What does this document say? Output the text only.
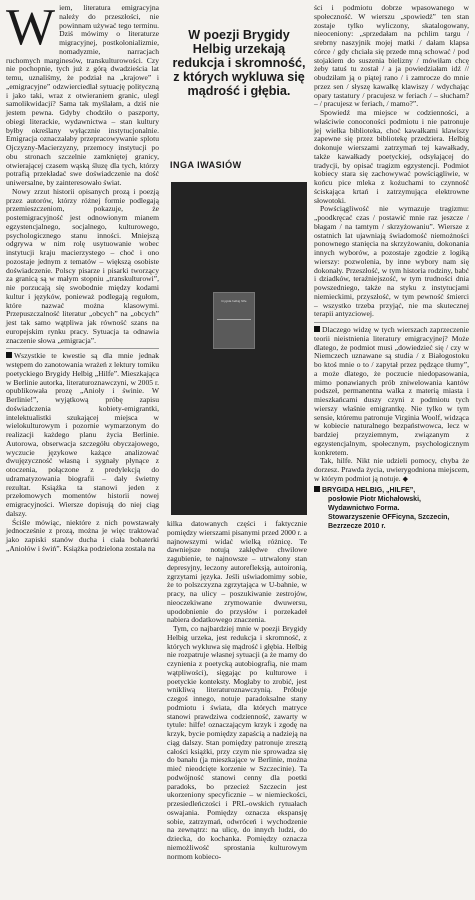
W iem, literatura emigracyjna należy do przeszłości, nie powinnam używać tego terminu. Dziś mówimy o literaturze migracyjnej, postkolonializmie, nomadyzmie, narracjach ruchomych marginesów, transkulturowości. Czy nie pochopnie, tych już z górą dwadzieścia lat temu, uznaliśmy, że podział na „krajowe” i „emigracyjne” odzwierciedlał sytuację polityczną i jako taki, wraz z otwieraniem granic, ulegl samolikwidacji? Sama tak myślałam, a dziś nie jestem pewna. Gdyby chodziło o paszporty, obiegi literackie, wydawnictwa – stan kultury byłby określany wyłącznie instytucjonalnie. Emigracja oznaczałaby przepracowywanie splotu Ojczyzny-Macierzyzny, przemocy instytucji po obu stronach szczelnie zamkniętej granicy, otwierającej czasem wąską śluzę dla tych, którzy potrafią przekładać swe doświadczenie na dość uniwersalne, by zainteresowało świat.

Nowy zrzut historii opisanych prozą i poezją przez autorów, którzy różnej formie podlegają przemieszczeniom, pokazuje, że postemigracyjność jest odnowionym mianem egzystencjalnego, socjalnego, kulturowego, psychologicznego stanu inności. Mniejszą odgrywa w nim rolę usytuowanie wobec instytucji kraju macierzystego – choć i ono pozostaje jednym z tematów – większą osobiste doświadczenie. Polscy pisarze i pisarki tworzący za granicą są w małym stopniu „transkulturowi”, nie porzucają się swobodnie między kodami kultur i języków, ponieważ podlegają regułom, które nazwać można klasowymi. Przepuszczalność literatur „obcych” na „obcych” jest tak samo wątpliwa jak równość szans na europejskim rynku pracy. Sytuacja ta odnawia znaczenie słowa „emigracja”.

Wszystkie te kwestie są dla mnie jednak wstępem do zanotowania wrażeń z lektury tomiku poetyckiego Brygidy Helbig „Hilfe”. Mieszkająca w Berlinie autorka, literaturoznawczyni, w 2005 r. opublikowała prozę „Anioły i świnie. W Berlinie!”, wyjątkową próbę zapisu doświadczenia kobiety-emigrantki, intelektualistki szukającej miejsca w wielokulturowym i pozornie wymarzonym do realizacji każdego planu życia Berlinie. Autorowa, obserwacja szczegółu obyczajowego, wyczucie językowe każące analizować dwujęzyczność własną i sygnały płynące z otoczenia, połączone z predylekcją do udramatyzowania biografii – dały świetny rezultat. Książka ta stanowi jeden z przełomowych momentów historii nowej emigracyjności. Wiersze dopisują do niej ciąg dalszy.

Ściśle mówiąc, niektóre z nich powstawały jednocześnie z prozą, można je więc traktować jako zapiski stanów ducha i ciała bohaterki „Aniołów i świń”. Książka podzielona została na

W poezji Brygidy Helbig urzekają redukcja i skromność, z których wykluwa się mądrość i głębia.
INGA IWASIÓW
brygida helbig hilfe

kilka datowanych części i faktycznie pomiędzy wierszami pisanymi przed 2000 r. a najnowszymi widać wielką różnicę. Te dawniejsze notują zakłędwe chwilowe zagubienie, te najnowsze – utrwalony stan depresyjny, leczony autorefleksją, autoironią, zgrzytami języka. Jeśli uświadomimy sobie, że to polszczyzna zgrzytająca w U-bahnie, w pracy, na ulicy – poszukiwanie zestrojów, nieoczekiwane zrymowanie dwuwersu, upodobnienie do przysłów i porzekadeł nabiera dodatkowego znaczenia.

Tym, co najbardziej mnie w poezji Brygidy Helbig urzeka, jest redukcja i skromność, z których wykluwa się mądrość i głębia. Helbig nie rozpatruje własnej sytuacji (a że mamy do czynienia z poetycką autobiografią, nie mam wątpliwości), sięgając po kulturowe i poetyckie konteksty. Mogłaby to zrobić, jest wnikliwą literaturoznawczynią. Próbuje czegoś innego, notuje paradoksalne stany podmiotu i świata, dla których matryce stanowi prawdziwa codzienność, zawarty w tytule: hilfe! oznaczającym krzyk i zgodę na krzyk, bycie pomiędzy zapaścią a nadzieją na ciąg dalszy. Stan pomiędzy patronuje zresztą całości książki, przy czym nie sprowadza się do banału (ja mieszkające w Berlinie, można mieć nieodcięte korzenie w Szczecinie). Ta podwójność stanowi cenny dla poetki paradoks, bo przecież Szczecin jest ukorzeniony specyficznie – w niemieckości, przesiedleńczości i PRL-owskich rytuałach oswajania. Pomiędzy oznacza ekspansję sobie, zatrzymań, odwróceń i wychodzenie na zewnątrz: na ulicę, do innych ludzi, do dziecka, do kochanka. Pomiędzy oznacza niemożliwość sprostania kulturowym normom kobieco-

ści i podmiotu dobrze wpasowanego w społeczność. W wierszu „spowiedź” ten stan zostaje tylko wyliczony, skatalogowany, nieoceniony: „sprzedałam na pchlim targu / srebrny naszyjnik mojej matki / dałam klapsa córce / gdy chciała się przede mną schować / pod stojakiem do suszenia bielizny / mówiłam chcę żeby tatuś tu został / a ja powiedziałam idź // obudziłam ją o piątej rano / i zamrocze do mnie przez sen / słyszę kawałkę klawiszy / wdychając opary tastatury / pracujesz w feriach / – słucham? – / pracujesz w feriach, / mamo?”.

Spowiedź ma miejsce w codzienności, a właściwie conoconości podmiotu i nie patronuje jej wielka biblioteka, choć kawałkami klawiszy zapewne się przez bibliotekę przedziera. Helbig dokonuje wierszami zatrzymań tej kawałkady, także kawałkady poetyckiej, odsyłającej do tradycji, by opisać tragizm egzystencji. Podmiot kobiecy stara się zachowywać powściągliwie, w końcu pice mleka z kożuchami to czynność ściskająca krtań i zatrzymująca elektrowne słowotoki.

Powściągliwość nie wymazuje tragizmu: „poodkręcać czas / postawić mnie raz jeszcze / błagam / na tamtym / skrzyżowaniu”. Wiersze z ostatnich lat ujawniają świadomość niemożności ponownego stanięcia na skrzyżowaniu, dokonania innych wyborów, a pozostaje zgodzie z logiką wierszy: pozwolenia, by inne wybory nam się dokonały. Przeszłość, w tym historia rodziny, babć i dziadków, teraźniejszość, w tym trudności dnia powszedniego, także na styku z instytucjami niemieckimi, przyszłość, w tym pewność śmierci – wszystko trzeba przyjąć, nie ma skutecznej terapii antyzciowej.

Dlaczego widzę w tych wierszach zaprzeczenie teorii nieistnienia literatury emigracyjnej? Może dlatego, że podmiot musi „dowiedzieć się / czy w Niemczech uznawane są studia / z Białogostoku bo ktoś mnie o to / zapytał przez pędzące tłumy”, a może dlatego, że poczucie niedopasowania, mimo ponawianych prób zniwelowania kantów podszeł, permanentna walka z materią miasta i mieszkańcami duszy czyni z podmiotu tych wierszy właśnie emigrantkę. Nie tylko w tym sensie, któremu patronuje Virginia Woolf, widząca w kobiecie naturalnego bezpaństwowca, lecz w bardziej przyziemnym, związanym z egzystencjalnym, społecznym, psychologicznym konkretem.

Tak, hilfe. Nikt nie udzieli pomocy, chyba że dorzesz. Prawda życia, uwierygodniona miejscem, w którym podmiot ją notuje. ◆

BRYGIDA HELBIG, „HILFE”,
posłowie Piotr Michałowski,
Wydawnictwo Forma.
Stowarzyszenie OFFicyna, Szczecin,
Bezrzecze 2010 r.
